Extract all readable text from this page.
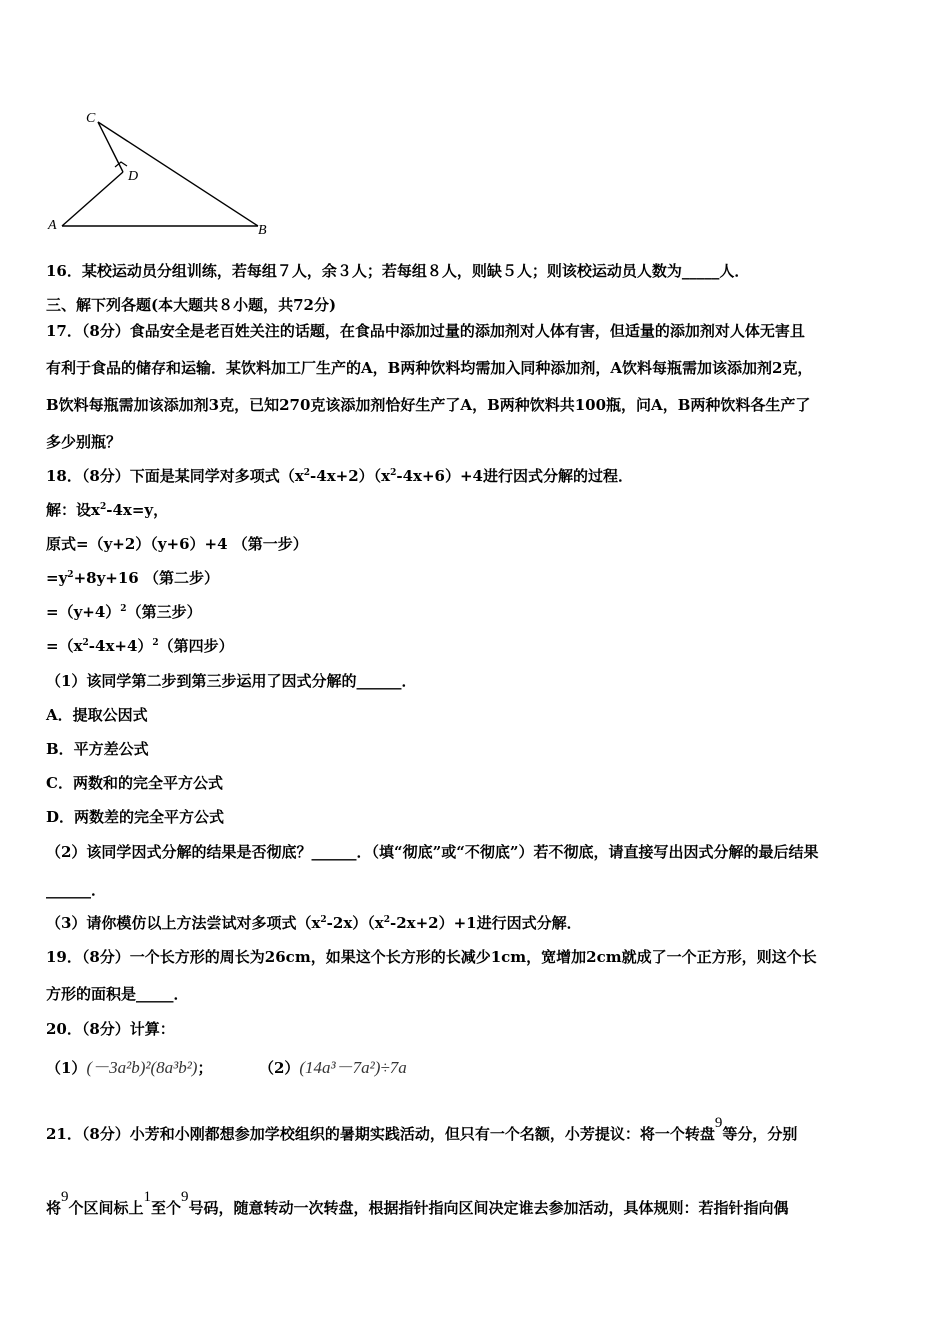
C
D
A	B
16．某校运动员分组训练，若每组７人，余３人；若每组８人，则缺５人；则该校运动员人数为_____人．
三、解下列各题(本大题共８小题，共72分)
17．（8分）食品安全是老百姓关注的话题，在食品中添加过量的添加剂对人体有害，但适量的添加剂对人体无害且
有利于食品的储存和运输．某饮料加工厂生产的A，B两种饮料均需加入同种添加剂，A饮料每瓶需加该添加剂2克，
B饮料每瓶需加该添加剂3克，已知270克该添加剂恰好生产了A，B两种饮料共100瓶，问A，B两种饮料各生产了
多少别瓶？
18．（8分）下面是某同学对多项式$(x^2-4x+2)(x^2-4x+6)+4$进行因式分解的过程．
解：设$x^2-4x=y$，
原式=（y+2）（y+6）+4 （第一步）
$=y^2+8y+16$ （第二步）
$=(y+4)^2$（第三步）
$=(x^2-4x+4)^2$（第四步）
（1）该同学第二步到第三步运用了因式分解的______．
A．提取公因式
B．平方差公式
C．两数和的完全平方公式
D．两数差的完全平方公式
（2）该同学因式分解的结果是否彻底？______．（填“彻底”或“不彻底”）若不彻底，请直接写出因式分解的最后结果
______．
（3）请你模仿以上方法尝试对多项式$(x^2-2x)(x^2-2x+2)+1$进行因式分解．
19．（8分）一个长方形的周长为26cm，如果这个长方形的长减少1cm，宽增加2cm就成了一个正方形，则这个长
方形的面积是_____．
20．（8分）计算：
（1）(－3a²b)²(8a³b²)；	（2）(14a³－7a²)÷7a
21．（8分）小芳和小刚都想参加学校组织的暑期实践活动，但只有一个名额，小芳提议：将一个转盘9等分，分别
将9个区间标上1至个9号码，随意转动一次转盘，根据指针指向区间决定谁去参加活动，具体规则：若指针指向偶
